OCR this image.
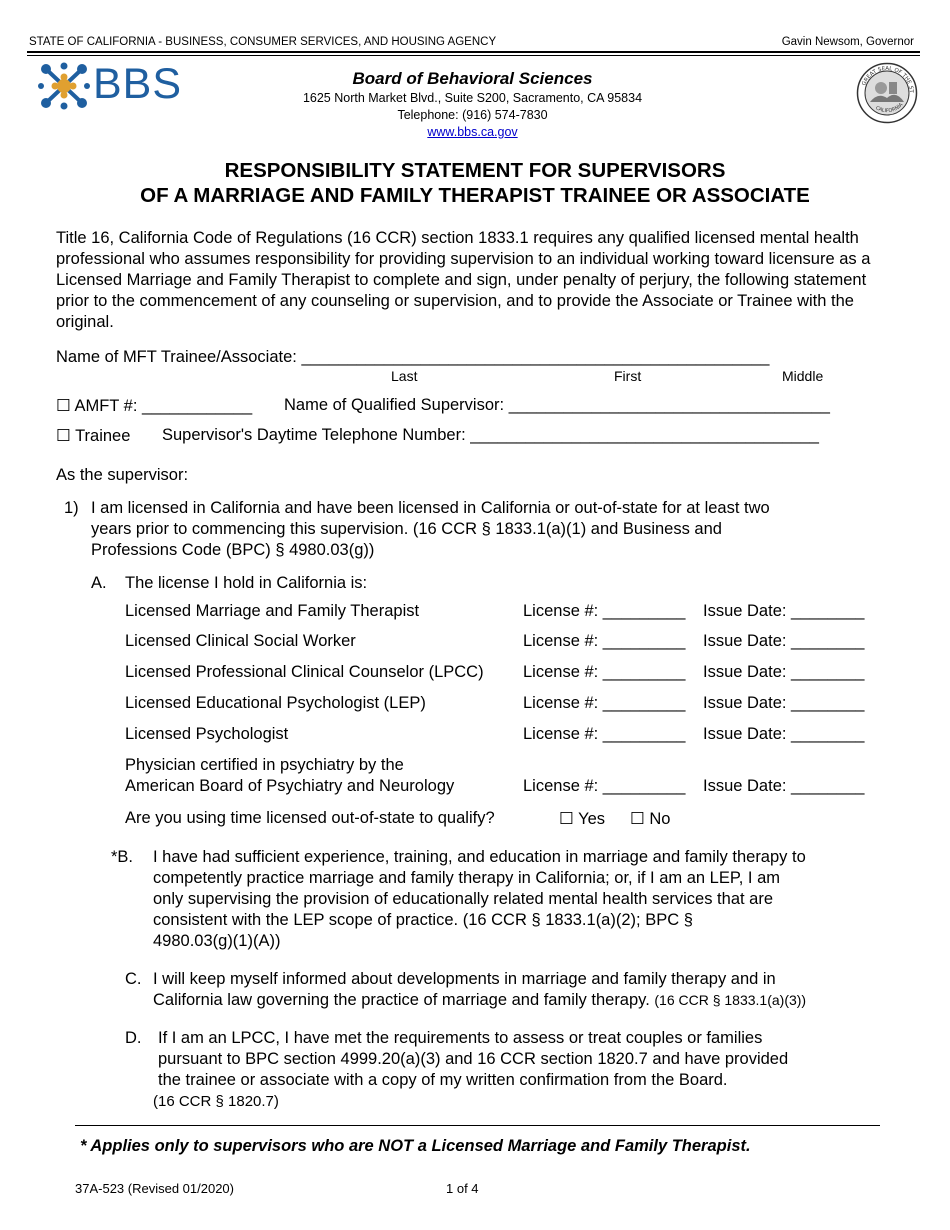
STATE OF CALIFORNIA - BUSINESS, CONSUMER SERVICES, AND HOUSING AGENCY	Gavin Newsom, Governor
BBS	Board of Behavioral Sciences
1625 North Market Blvd., Suite S200, Sacramento, CA 95834
Telephone: (916) 574-7830
www.bbs.ca.gov
GREAT SEAL OF THE ST
CALIFORNIA
RESPONSIBILITY STATEMENT FOR SUPERVISORS
OF A MARRIAGE AND FAMILY THERAPIST TRAINEE OR ASSOCIATE
Title 16, California Code of Regulations (16 CCR) section 1833.1 requires any qualified licensed mental health professional who assumes responsibility for providing supervision to an individual working toward licensure as a Licensed Marriage and Family Therapist to complete and sign, under penalty of perjury, the following statement prior to the commencement of any counseling or supervision, and to provide the Associate or Trainee with the original.
Name of MFT Trainee/Associate: ___________________________________________________
Last	First	Middle
☐ AMFT #: ____________ Name of Qualified Supervisor: ___________________________________
☐ Trainee Supervisor's Daytime Telephone Number: ______________________________________
As the supervisor:
1) I am licensed in California and have been licensed in California or out-of-state for at least two
years prior to commencing this supervision. (16 CCR § 1833.1(a)(1) and Business and
Professions Code (BPC) § 4980.03(g))
A. The license I hold in California is:
Licensed Marriage and Family Therapist	License #: _________ Issue Date: ________
Licensed Clinical Social Worker	License #: _________ Issue Date: ________
Licensed Professional Clinical Counselor (LPCC) License #: _________ Issue Date: ________
Licensed Educational Psychologist (LEP)	License #: _________ Issue Date: ________
Licensed Psychologist	License #: _________ Issue Date: ________
Physician certified in psychiatry by the
American Board of Psychiatry and Neurology	License #: _________ Issue Date: ________
Are you using time licensed out-of-state to qualify?	☐ Yes ☐ No
*B. I have had sufficient experience, training, and education in marriage and family therapy to
competently practice marriage and family therapy in California; or, if I am an LEP, I am
only supervising the provision of educationally related mental health services that are
consistent with the LEP scope of practice. (16 CCR § 1833.1(a)(2); BPC §
4980.03(g)(1)(A))
C. I will keep myself informed about developments in marriage and family therapy and in
California law governing the practice of marriage and family therapy. (16 CCR § 1833.1(a)(3))
D. If I am an LPCC, I have met the requirements to assess or treat couples or families
pursuant to BPC section 4999.20(a)(3) and 16 CCR section 1820.7 and have provided
the trainee or associate with a copy of my written confirmation from the Board.
(16 CCR § 1820.7)
* Applies only to supervisors who are NOT a Licensed Marriage and Family Therapist.
37A-523 (Revised 01/2020)	1 of 4
